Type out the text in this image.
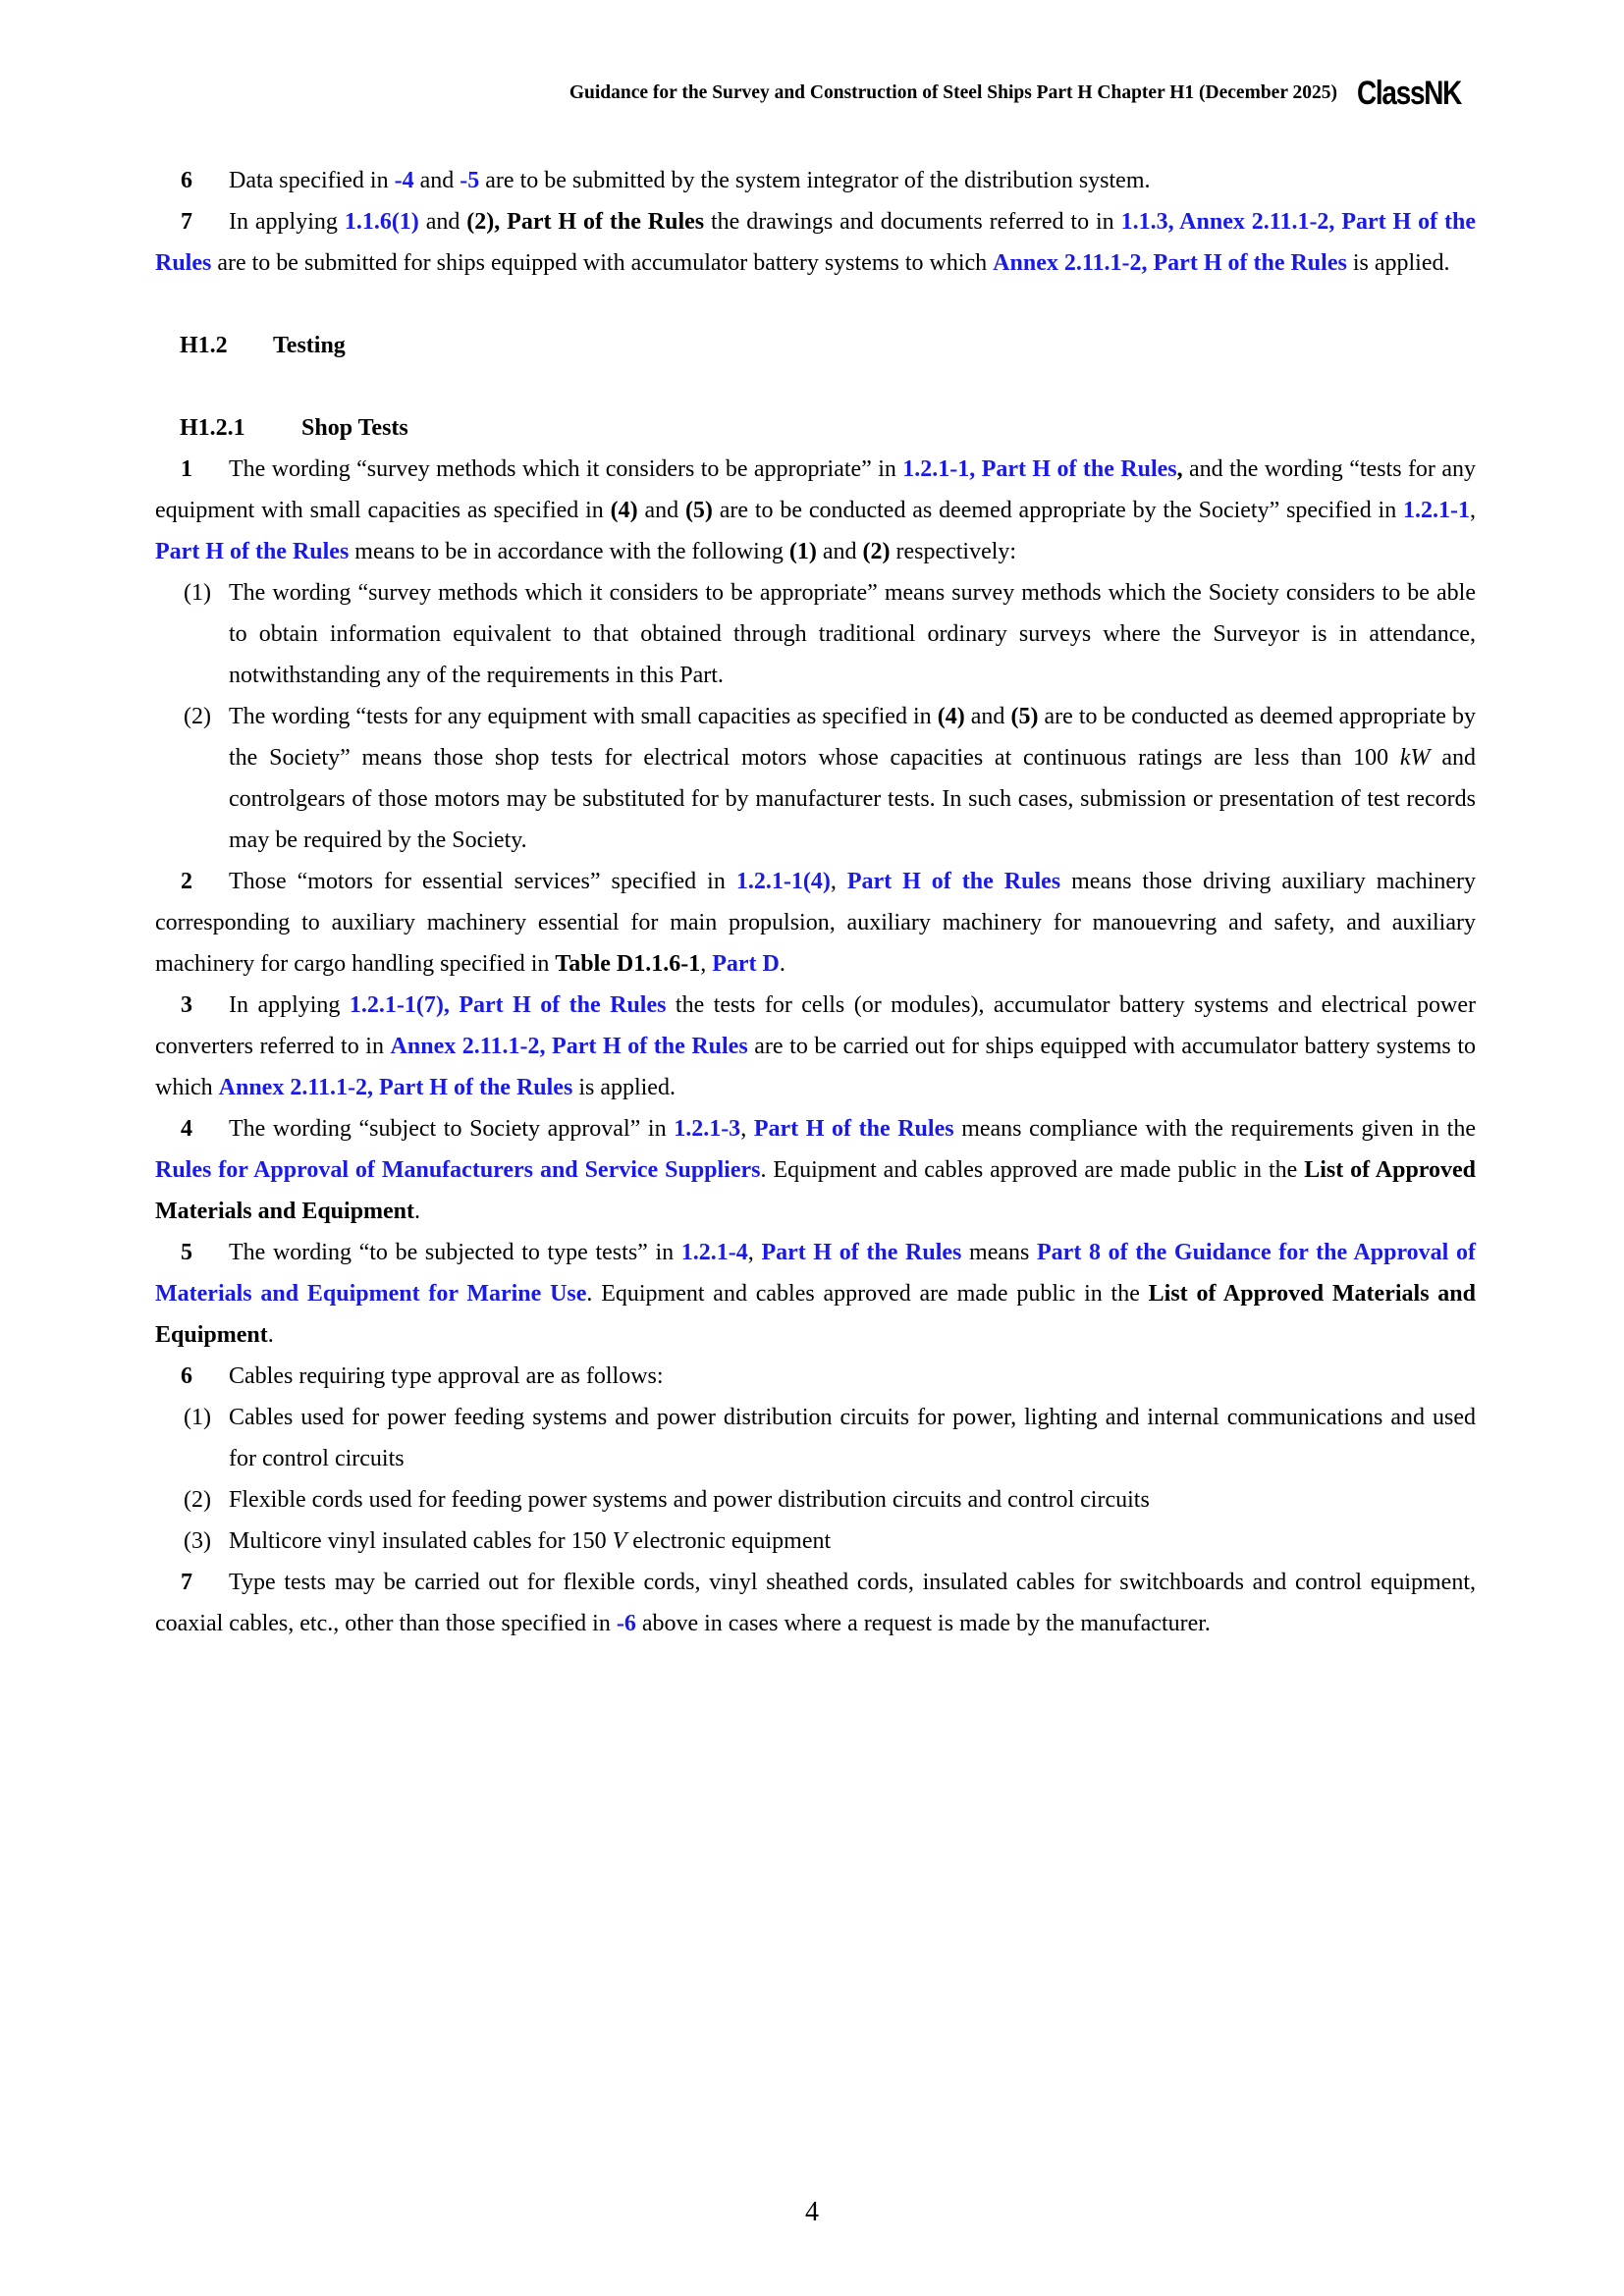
Guidance for the Survey and Construction of Steel Ships Part H Chapter H1 (December 2025) ClassNK

6 Data specified in -4 and -5 are to be submitted by the system integrator of the distribution system.

7 In applying 1.1.6(1) and (2), Part H of the Rules the drawings and documents referred to in 1.1.3, Annex 2.11.1-2, Part H of the Rules are to be submitted for ships equipped with accumulator battery systems to which Annex 2.11.1-2, Part H of the Rules is applied.

H1.2	Testing

H1.2.1	Shop Tests

1 The wording “survey methods which it considers to be appropriate” in 1.2.1-1, Part H of the Rules, and the wording “tests for any equipment with small capacities as specified in (4) and (5) are to be conducted as deemed appropriate by the Society” specified in 1.2.1-1, Part H of the Rules means to be in accordance with the following (1) and (2) respectively:

(1) The wording “survey methods which it considers to be appropriate” means survey methods which the Society considers to be able to obtain information equivalent to that obtained through traditional ordinary surveys where the Surveyor is in attendance, notwithstanding any of the requirements in this Part.
(2) The wording “tests for any equipment with small capacities as specified in (4) and (5) are to be conducted as deemed appropriate by the Society” means those shop tests for electrical motors whose capacities at continuous ratings are less than 100 kW and controlgears of those motors may be substituted for by manufacturer tests. In such cases, submission or presentation of test records may be required by the Society.

2 Those “motors for essential services” specified in 1.2.1-1(4), Part H of the Rules means those driving auxiliary machinery corresponding to auxiliary machinery essential for main propulsion, auxiliary machinery for manouevring and safety, and auxiliary machinery for cargo handling specified in Table D1.1.6-1, Part D.

3 In applying 1.2.1-1(7), Part H of the Rules the tests for cells (or modules), accumulator battery systems and electrical power converters referred to in Annex 2.11.1-2, Part H of the Rules are to be carried out for ships equipped with accumulator battery systems to which Annex 2.11.1-2, Part H of the Rules is applied.

4 The wording “subject to Society approval” in 1.2.1-3, Part H of the Rules means compliance with the requirements given in the Rules for Approval of Manufacturers and Service Suppliers. Equipment and cables approved are made public in the List of Approved Materials and Equipment.

5 The wording “to be subjected to type tests” in 1.2.1-4, Part H of the Rules means Part 8 of the Guidance for the Approval of Materials and Equipment for Marine Use. Equipment and cables approved are made public in the List of Approved Materials and Equipment.

6 Cables requiring type approval are as follows:

(1) Cables used for power feeding systems and power distribution circuits for power, lighting and internal communications and used for control circuits
(2) Flexible cords used for feeding power systems and power distribution circuits and control circuits
(3) Multicore vinyl insulated cables for 150 V electronic equipment

7 Type tests may be carried out for flexible cords, vinyl sheathed cords, insulated cables for switchboards and control equipment, coaxial cables, etc., other than those specified in -6 above in cases where a request is made by the manufacturer.

4
